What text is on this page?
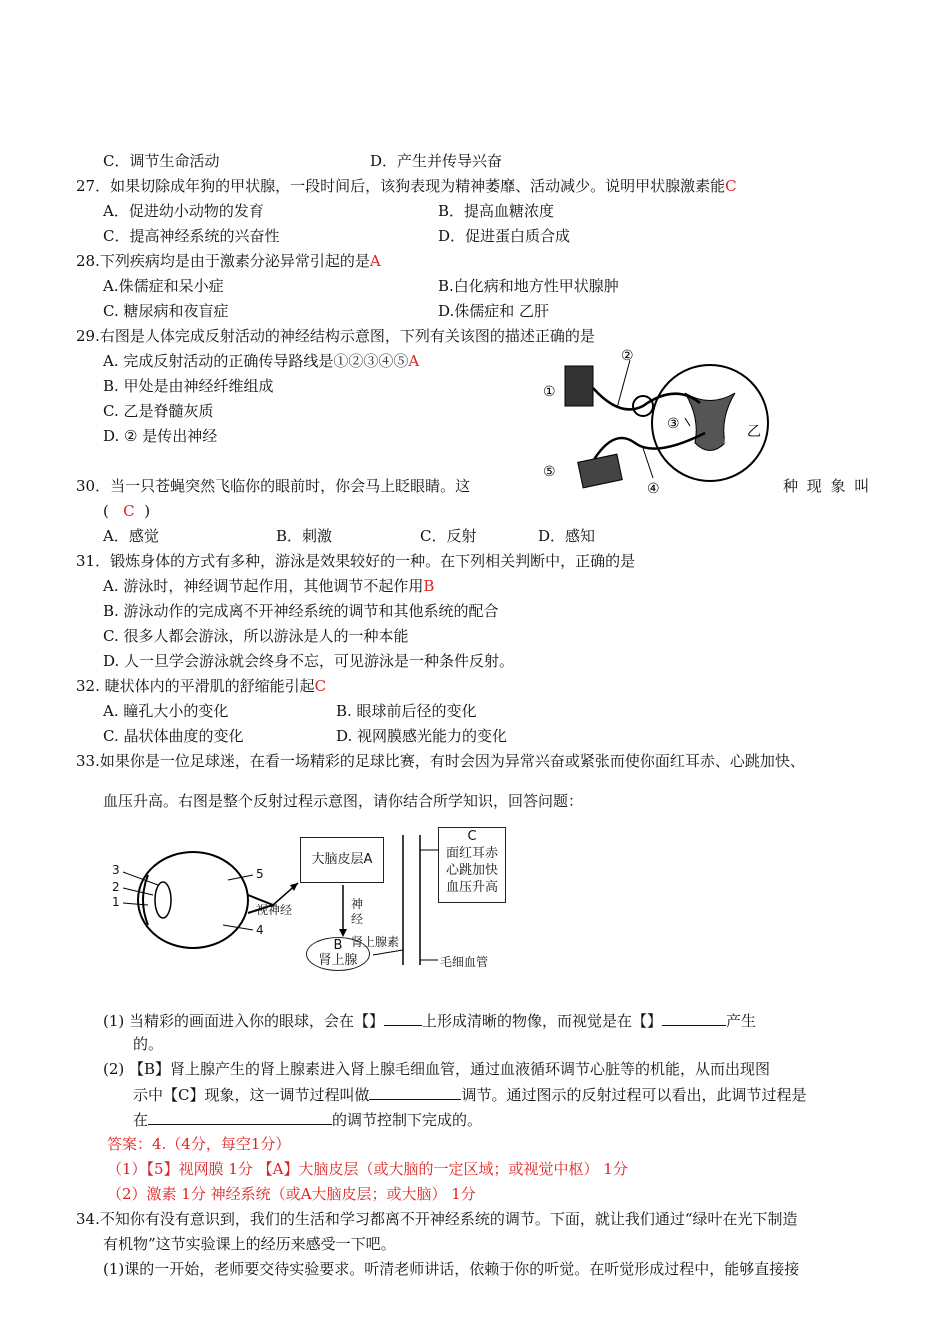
C．调节生命活动	D．产生并传导兴奋
27．如果切除成年狗的甲状腺，一段时间后，该狗表现为精神萎靡、活动减少。说明甲状腺激素能C
A．促进幼小动物的发育	B．提高血糖浓度
C．提高神经系统的兴奋性	D．促进蛋白质合成
28.下列疾病均是由于激素分泌异常引起的是A
A.侏儒症和呆小症	B.白化病和地方性甲状腺肿
C. 糖尿病和夜盲症	D.侏儒症和 乙肝
29.右图是人体完成反射活动的神经结构示意图，下列有关该图的描述正确的是
A. 完成反射活动的正确传导路线是①②③④⑤A
B. 甲处是由神经纤维组成
C. 乙是脊髓灰质
D. ② 是传出神经
①
②
③
④
⑤
甲
乙
30．当一只苍蝇突然飞临你的眼前时，你会马上眨眼睛。这	种 现 象 叫
( C )
A．感觉	B．刺激	C．反射	D．感知
31．锻炼身体的方式有多种，游泳是效果较好的一种。在下列相关判断中，正确的是
A. 游泳时，神经调节起作用，其他调节不起作用B
B. 游泳动作的完成离不开神经系统的调节和其他系统的配合
C. 很多人都会游泳，所以游泳是人的一种本能
D. 人一旦学会游泳就会终身不忘，可见游泳是一种条件反射。
32. 睫状体内的平滑肌的舒缩能引起C
A. 瞳孔大小的变化	B. 眼球前后径的变化
C. 晶状体曲度的变化	D. 视网膜感光能力的变化
33.如果你是一位足球迷，在看一场精彩的足球比赛，有时会因为异常兴奋或紧张而使你面红耳赤、心跳加快、
血压升高。右图是整个反射过程示意图，请你结合所学知识，回答问题：
3
2
1
5
4
视神经
大脑皮层A
神
经
B
肾上腺
肾上腺素
C
面红耳赤
心跳加快
血压升高
毛细血管
(1) 当精彩的画面进入你的眼球，会在【】	上形成清晰的物像，而视觉是在【】	产生
的。
(2) 【B】肾上腺产生的肾上腺素进入肾上腺毛细血管，通过血液循环调节心脏等的机能，从而出现图
示中【C】现象，这一调节过程叫做	调节。通过图示的反射过程可以看出，此调节过程是
在	的调节控制下完成的。
答案：4.（4分，每空1分）
（1）【5】视网膜 1分 【A】大脑皮层（或大脑的一定区域；或视觉中枢） 1分
（2）激素 1分 神经系统（或A大脑皮层；或大脑） 1分
34.不知你有没有意识到，我们的生活和学习都离不开神经系统的调节。下面，就让我们通过“绿叶在光下制造
有机物”这节实验课上的经历来感受一下吧。
(1)课的一开始，老师要交待实验要求。听清老师讲话，依赖于你的听觉。在听觉形成过程中，能够直接接
